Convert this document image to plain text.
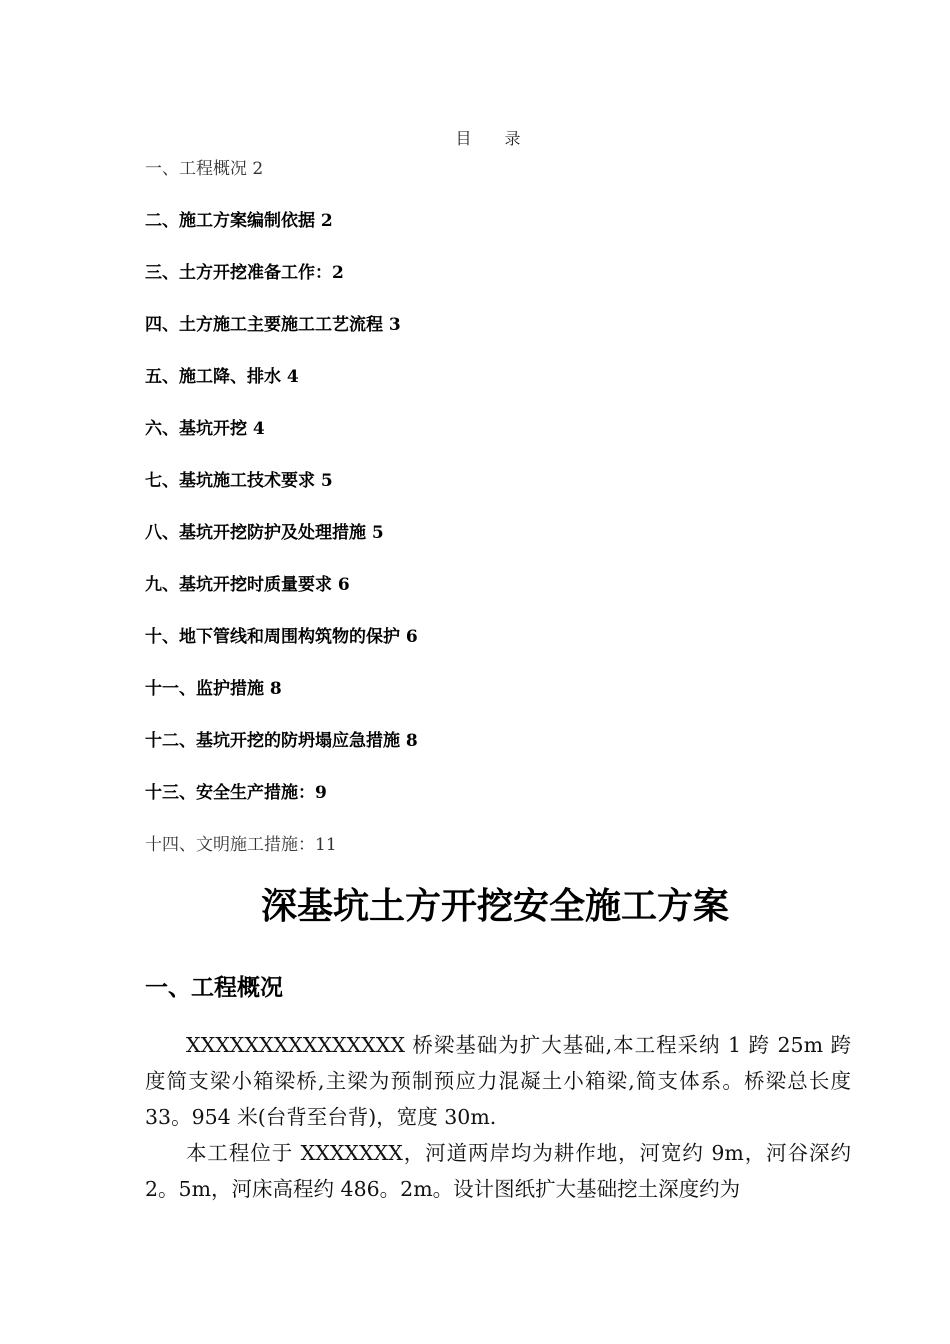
目 录
一、工程概况 2
二、施工方案编制依据 2
三、土方开挖准备工作：2
四、土方施工主要施工工艺流程 3
五、施工降、排水 4
六、基坑开挖 4
七、基坑施工技术要求 5
八、基坑开挖防护及处理措施 5
九、基坑开挖时质量要求 6
十、地下管线和周围构筑物的保护 6
十一、监护措施 8
十二、基坑开挖的防坍塌应急措施 8
十三、安全生产措施：9
十四、文明施工措施：11
深基坑土方开挖安全施工方案
一、工程概况

XXXXXXXXXXXXXXX 桥梁基础为扩大基础,本工程采纳 1 跨 25m 跨度简支梁小箱梁桥,主梁为预制预应力混凝土小箱梁,简支体系。桥梁总长度 33。954 米(台背至台背)，宽度 30m.

本工程位于 XXXXXXX，河道两岸均为耕作地，河宽约 9m，河谷深约 2。5m，河床高程约 486。2m。设计图纸扩大基础挖土深度约为
